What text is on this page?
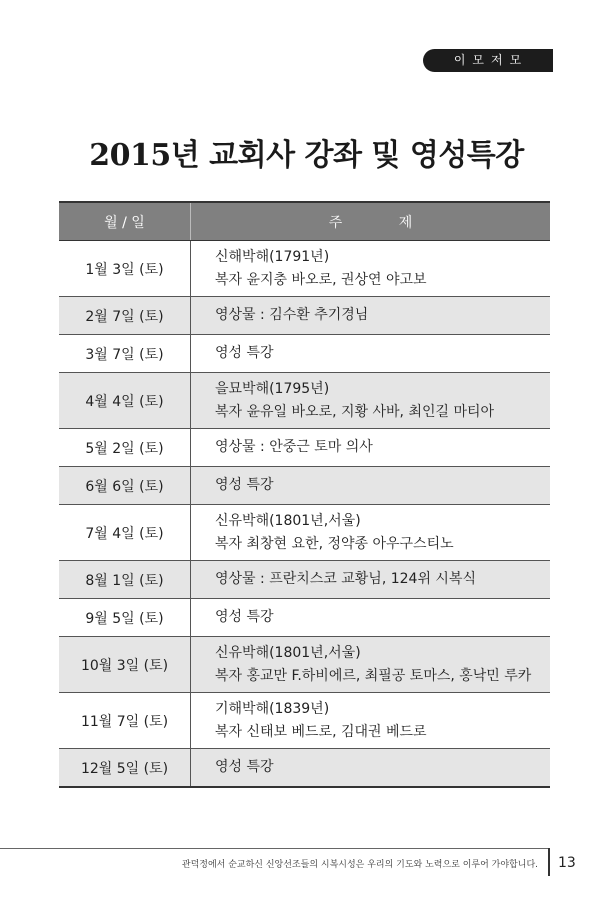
이모저모
2015년 교회사 강좌 및 영성특강
월 / 일	주 제
1월 3일 (토)	신해박해(1791년)
복자 윤지충 바오로, 권상연 야고보

2월 7일 (토)	영상물 : 김수환 추기경님

3월 7일 (토)	영성 특강

4월 4일 (토)	을묘박해(1795년)
복자 윤유일 바오로, 지황 사바, 최인길 마티아

5월 2일 (토)	영상물 : 안중근 토마 의사

6월 6일 (토)	영성 특강

7월 4일 (토)	신유박해(1801년,서울)
복자 최창현 요한, 정약종 아우구스티노

8월 1일 (토)	영상물 : 프란치스코 교황님, 124위 시복식

9월 5일 (토)	영성 특강

10월 3일 (토)	신유박해(1801년,서울)
복자 홍교만 F.하비에르, 최필공 토마스, 홍낙민 루카

11월 7일 (토)	기해박해(1839년)
복자 신태보 베드로, 김대권 베드로

12월 5일 (토)	영성 특강
관덕정에서 순교하신 신앙선조들의 시복시성은 우리의 기도와 노력으로 이루어 가야합니다. 13
